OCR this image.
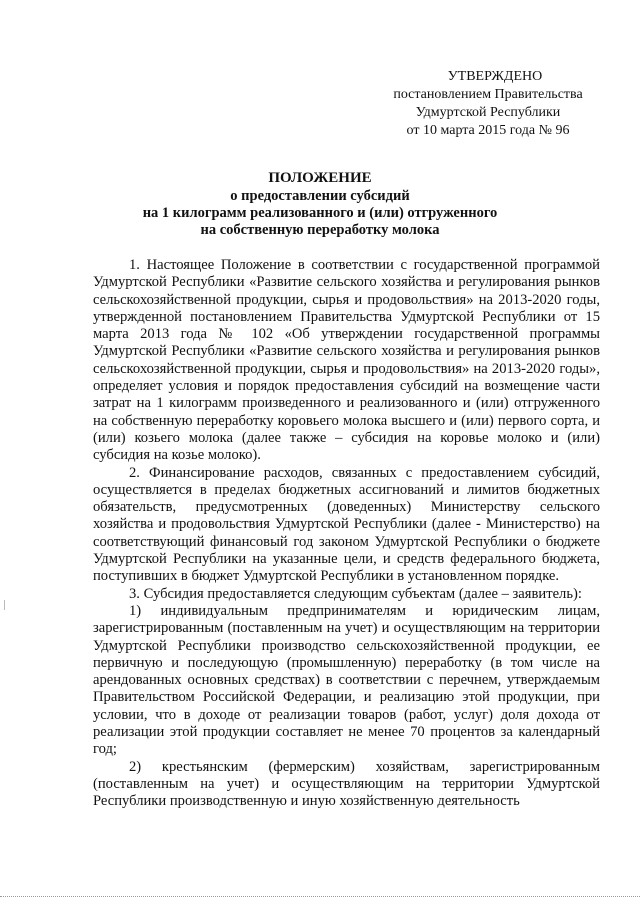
УТВЕРЖДЕНО
постановлением Правительства
Удмуртской Республики
от 10 марта 2015 года № 96
ПОЛОЖЕНИЕ
о предоставлении субсидий
на 1 килограмм реализованного и (или) отгруженного
на собственную переработку молока

1. Настоящее Положение в соответствии с государственной программой Удмуртской Республики «Развитие сельского хозяйства и регулирования рынков сельскохозяйственной продукции, сырья и продовольствия» на 2013-2020 годы, утвержденной постановлением Правительства Удмуртской Республики от 15 марта 2013 года № 102 «Об утверждении государственной программы Удмуртской Республики «Развитие сельского хозяйства и регулирования рынков сельскохозяйственной продукции, сырья и продовольствия» на 2013-2020 годы», определяет условия и порядок предоставления субсидий на возмещение части затрат на 1 килограмм произведенного и реализованного и (или) отгруженного на собственную переработку коровьего молока высшего и (или) первого сорта, и (или) козьего молока (далее также – субсидия на коровье молоко и (или) субсидия на козье молоко).

2. Финансирование расходов, связанных с предоставлением субсидий, осуществляется в пределах бюджетных ассигнований и лимитов бюджетных обязательств, предусмотренных (доведенных) Министерству сельского хозяйства и продовольствия Удмуртской Республики (далее - Министерство) на соответствующий финансовый год законом Удмуртской Республики о бюджете Удмуртской Республики на указанные цели, и средств федерального бюджета, поступивших в бюджет Удмуртской Республики в установленном порядке.

3. Субсидия предоставляется следующим субъектам (далее – заявитель):

1) индивидуальным предпринимателям и юридическим лицам, зарегистрированным (поставленным на учет) и осуществляющим на территории Удмуртской Республики производство сельскохозяйственной продукции, ее первичную и последующую (промышленную) переработку (в том числе на арендованных основных средствах) в соответствии с перечнем, утверждаемым Правительством Российской Федерации, и реализацию этой продукции, при условии, что в доходе от реализации товаров (работ, услуг) доля дохода от реализации этой продукции составляет не менее 70 процентов за календарный год;

2) крестьянским (фермерским) хозяйствам, зарегистрированным (поставленным на учет) и осуществляющим на территории Удмуртской Республики производственную и иную хозяйственную деятельность
